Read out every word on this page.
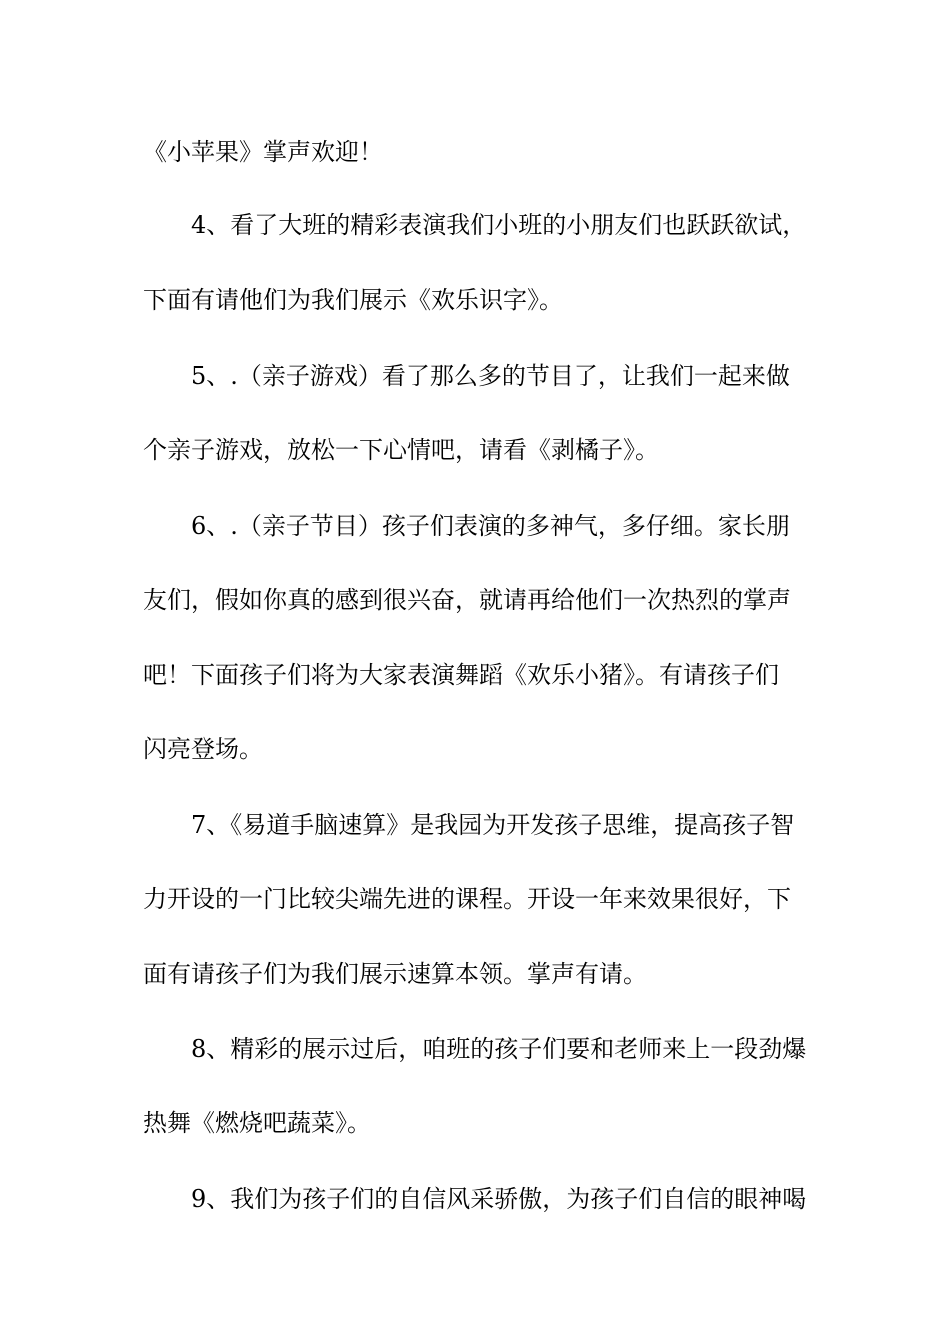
《小苹果》掌声欢迎！
4、看了大班的精彩表演我们小班的小朋友们也跃跃欲试，
下面有请他们为我们展示《欢乐识字》。
5、.（亲子游戏）看了那么多的节目了，让我们一起来做
个亲子游戏，放松一下心情吧，请看《剥橘子》。
6、.（亲子节目）孩子们表演的多神气，多仔细。家长朋
友们，假如你真的感到很兴奋，就请再给他们一次热烈的掌声
吧！下面孩子们将为大家表演舞蹈《欢乐小猪》。有请孩子们
闪亮登场。
7、《易道手脑速算》是我园为开发孩子思维，提高孩子智
力开设的一门比较尖端先进的课程。开设一年来效果很好，下
面有请孩子们为我们展示速算本领。掌声有请。
8、精彩的展示过后，咱班的孩子们要和老师来上一段劲爆
热舞《燃烧吧蔬菜》。
9、我们为孩子们的自信风采骄傲，为孩子们自信的眼神喝
